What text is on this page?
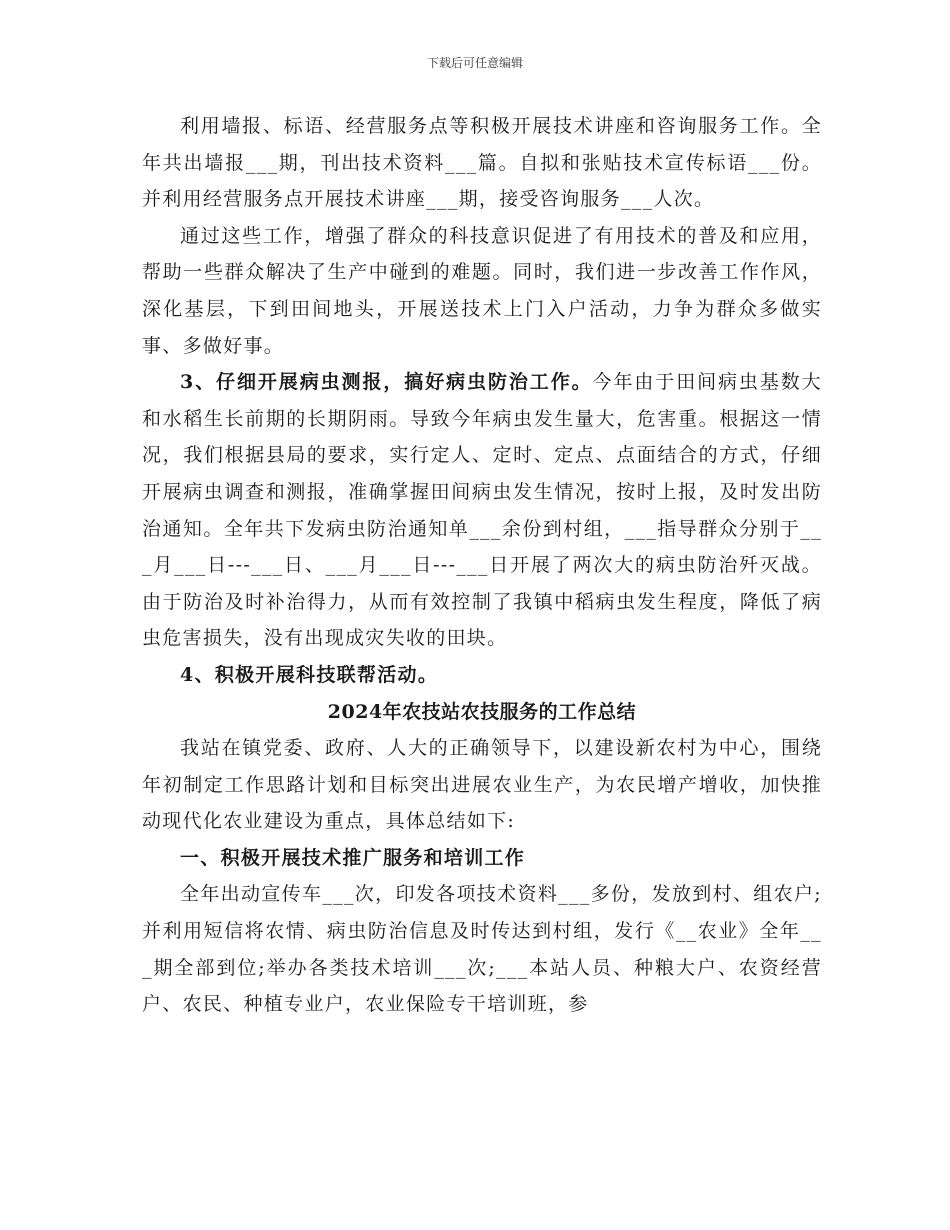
下载后可任意编辑

利用墙报、标语、经营服务点等积极开展技术讲座和咨询服务工作。全年共出墙报___期，刊出技术资料___篇。自拟和张贴技术宣传标语___份。并利用经营服务点开展技术讲座___期，接受咨询服务___人次。

通过这些工作，增强了群众的科技意识促进了有用技术的普及和应用，帮助一些群众解决了生产中碰到的难题。同时，我们进一步改善工作作风，深化基层，下到田间地头，开展送技术上门入户活动，力争为群众多做实事、多做好事。

3、仔细开展病虫测报，搞好病虫防治工作。今年由于田间病虫基数大和水稻生长前期的长期阴雨。导致今年病虫发生量大，危害重。根据这一情况，我们根据县局的要求，实行定人、定时、定点、点面结合的方式，仔细开展病虫调查和测报，准确掌握田间病虫发生情况，按时上报，及时发出防治通知。全年共下发病虫防治通知单___余份到村组，___指导群众分别于___月___日---___日、___月___日---___日开展了两次大的病虫防治歼灭战。由于防治及时补治得力，从而有效控制了我镇中稻病虫发生程度，降低了病虫危害损失，没有出现成灾失收的田块。

4、积极开展科技联帮活动。

2024年农技站农技服务的工作总结

我站在镇党委、政府、人大的正确领导下，以建设新农村为中心，围绕年初制定工作思路计划和目标突出进展农业生产，为农民增产增收，加快推动现代化农业建设为重点，具体总结如下:

一、积极开展技术推广服务和培训工作

全年出动宣传车___次，印发各项技术资料___多份，发放到村、组农户;并利用短信将农情、病虫防治信息及时传达到村组，发行《__农业》全年___期全部到位;举办各类技术培训___次;___本站人员、种粮大户、农资经营户、农民、种植专业户，农业保险专干培训班，参
